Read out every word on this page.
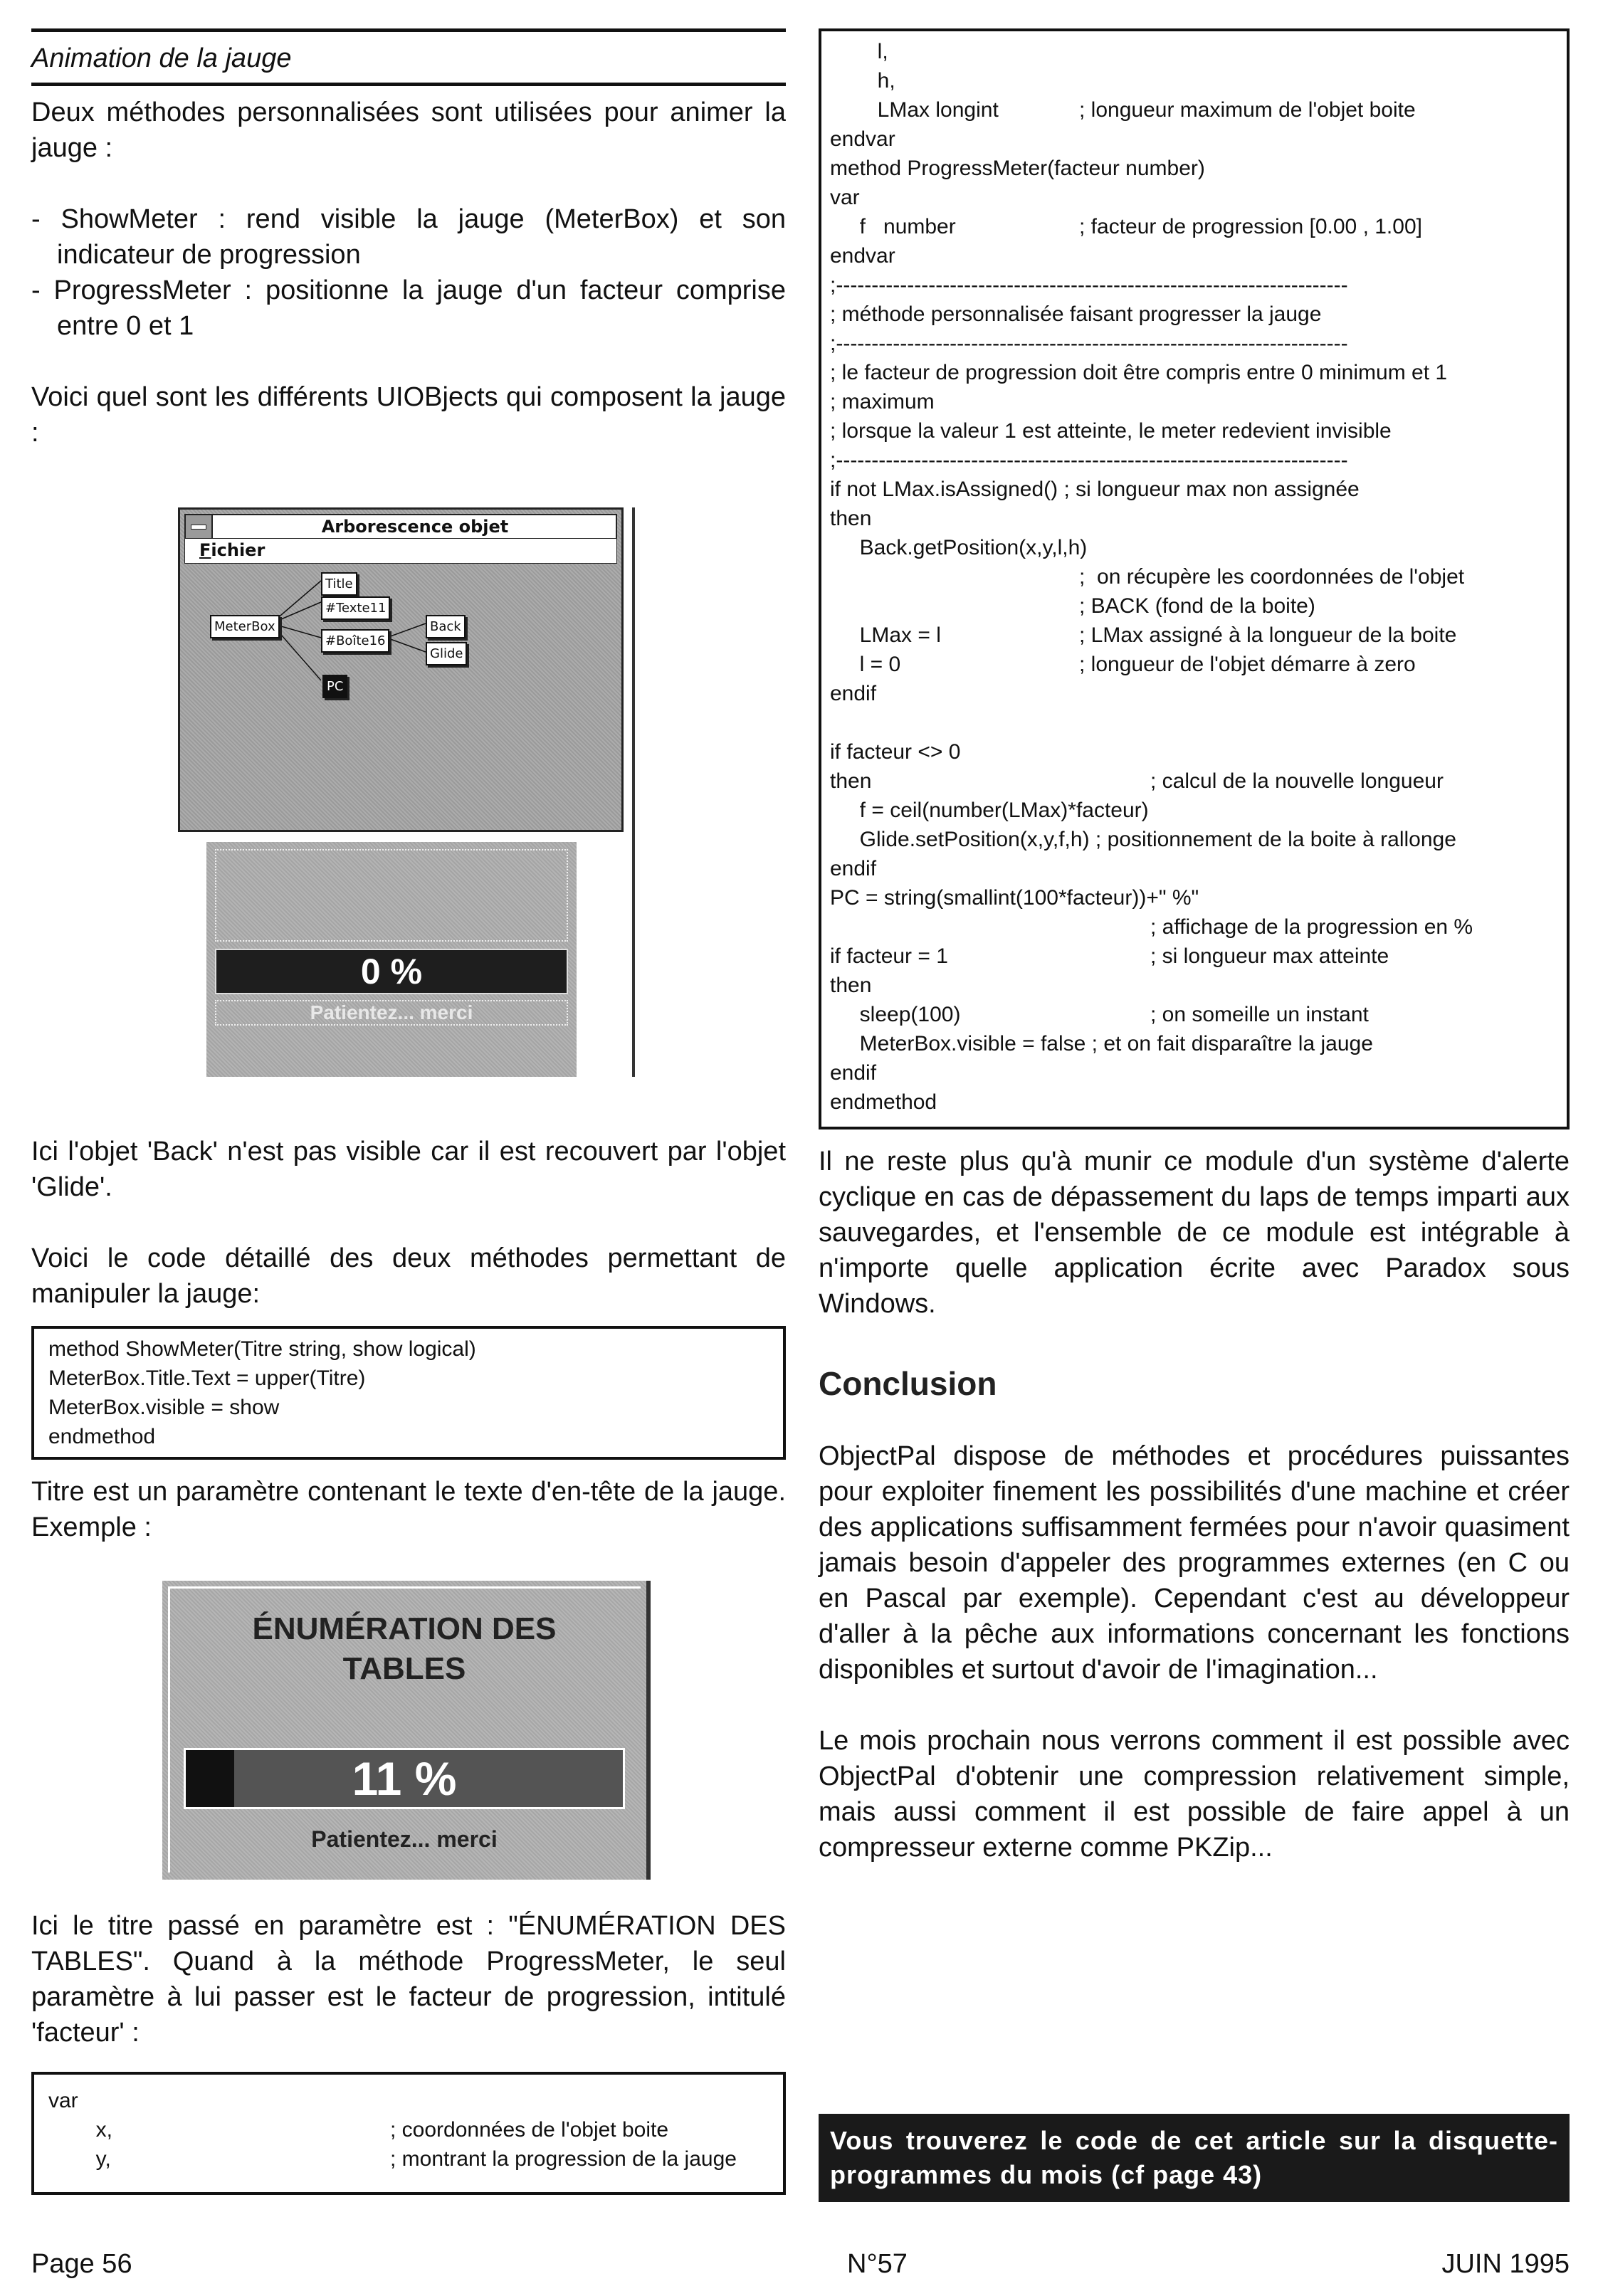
Animation de la jauge

Deux méthodes personnalisées sont utilisées pour animer la jauge :

- ShowMeter : rend visible la jauge (MeterBox) et son indicateur de progression
- ProgressMeter : positionne la jauge d'un facteur comprise entre 0 et 1

Voici quel sont les différents UIOBjects qui composent la jauge :

Arborescence objet
Fichier
Title
#Texte11
MeterBox
#Boîte16
Back
Glide
PC
0 %
Patientez... merci

Ici l'objet 'Back' n'est pas visible car il est recouvert par l'objet 'Glide'.

Voici le code détaillé des deux méthodes permettant de manipuler la jauge:

method ShowMeter(Titre string, show logical)
MeterBox.Title.Text = upper(Titre)
MeterBox.visible = show
endmethod

Titre est un paramètre contenant le texte d'en-tête de la jauge. Exemple :

ÉNUMÉRATION DES TABLES
11 %
Patientez... merci

Ici le titre passé en paramètre est : "ÉNUMÉRATION DES TABLES". Quand à la méthode ProgressMeter, le seul paramètre à lui passer est le facteur de progression, intitulé 'facteur' :

var
x,	; coordonnées de l'objet boite
y,	; montrant la progression de la jauge
l,
h,
LMax longint	; longueur maximum de l'objet boite
endvar
method ProgressMeter(facteur number)
var
f   number	; facteur de progression [0.00 , 1.00]
endvar
;------------------------------------------------------------------------
; méthode personnalisée faisant progresser la jauge
;------------------------------------------------------------------------
; le facteur de progression doit être compris entre 0 minimum et 1
; maximum
; lorsque la valeur 1 est atteinte, le meter redevient invisible
;------------------------------------------------------------------------
if not LMax.isAssigned() ; si longueur max non assignée
then
Back.getPosition(x,y,l,h)
;  on récupère les coordonnées de l'objet
; BACK (fond de la boite)
LMax = l	; LMax assigné à la longueur de la boite
l = 0	; longueur de l'objet démarre à zero
endif

if facteur <> 0
then	; calcul de la nouvelle longueur
f = ceil(number(LMax)*facteur)
Glide.setPosition(x,y,f,h) ; positionnement de la boite à rallonge
endif
PC = string(smallint(100*facteur))+" %"
; affichage de la progression en %
if facteur = 1	; si longueur max atteinte
then
sleep(100)	; on someille un instant
MeterBox.visible = false ; et on fait disparaître la jauge
endif
endmethod

Il ne reste plus qu'à munir ce module d'un système d'alerte cyclique en cas de dépassement du laps de temps imparti aux sauvegardes, et l'ensemble de ce module est intégrable à n'importe quelle application écrite avec Paradox sous Windows.

Conclusion

ObjectPal dispose de méthodes et procédures puissantes pour exploiter finement les possibilités d'une machine et créer des applications suffisamment fermées pour n'avoir quasiment jamais besoin d'appeler des programmes externes (en C ou en Pascal par exemple). Cependant c'est au développeur d'aller à la pêche aux informations concernant les fonctions disponibles et surtout d'avoir de l'imagination...

Le mois prochain nous verrons comment il est possible avec ObjectPal d'obtenir une compression relativement simple, mais aussi comment il est possible de faire appel à un compresseur externe comme PKZip...

Vous trouverez le code de cet article sur la disquette-programmes du mois (cf page 43)
Page 56	N°57	JUIN 1995
